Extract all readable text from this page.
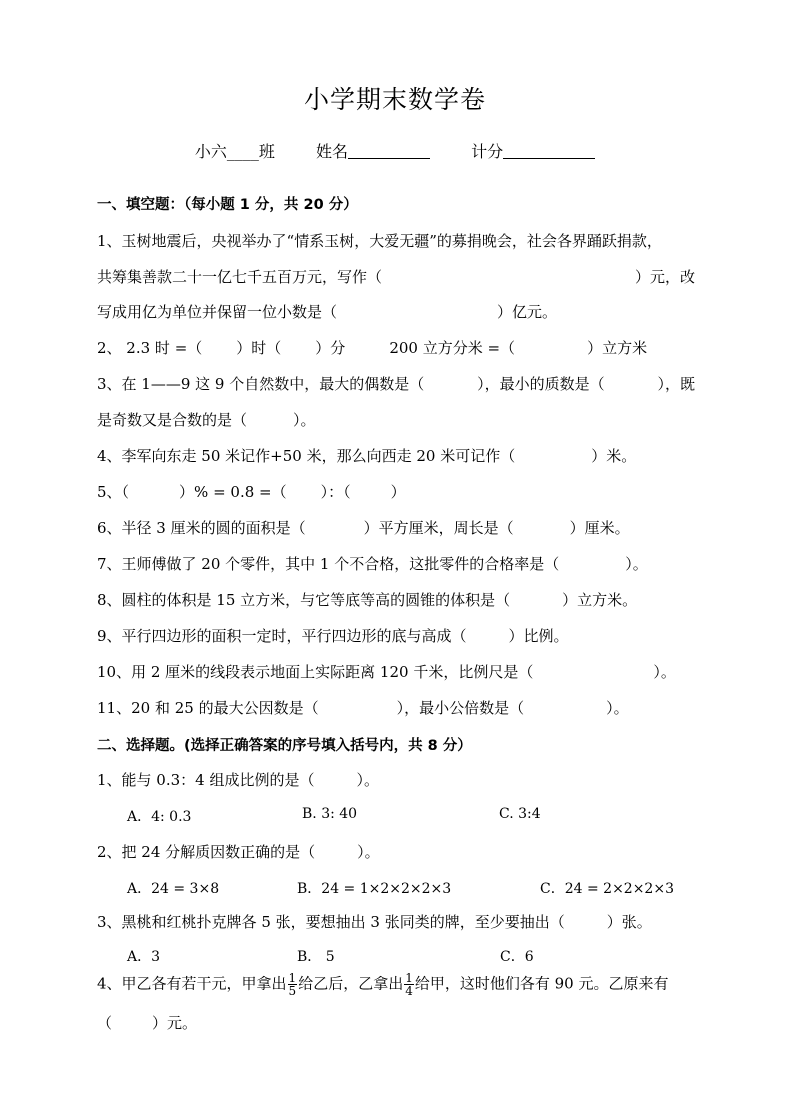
小学期末数学卷
小六____班	姓名	计分
一、填空题：（每小题 1 分，共 20 分）
1、玉树地震后，央视举办了“情系玉树，大爱无疆”的募捐晚会，社会各界踊跃捐款，
共筹集善款二十一亿七千五百万元，写作（	）元，改
写成用亿为单位并保留一位小数是（	）亿元。
2、 2.3 时 =（ ）时（ ）分	200 立方分米 =（	）立方米
3、在 1——9 这 9 个自然数中，最大的偶数是（	），最小的质数是（	），既
是奇数又是合数的是（	）。
4、李军向东走 50 米记作+50 米，那么向西走 20 米可记作（	）米。
5、（	）% = 0.8 =（ ）：（	）
6、半径 3 厘米的圆的面积是（	）平方厘米，周长是（	）厘米。
7、王师傅做了 20 个零件，其中 1 个不合格，这批零件的合格率是（	）。
8、圆柱的体积是 15 立方米，与它等底等高的圆锥的体积是（	）立方米。
9、平行四边形的面积一定时，平行四边形的底与高成（	）比例。
10、用 2 厘米的线段表示地面上实际距离 120 千米，比例尺是（	）。
11、20 和 25 的最大公因数是（	），最小公倍数是（	）。
二、选择题。(选择正确答案的序号填入括号内，共 8 分）
1、能与 0.3：4 组成比例的是（	）。
A．4: 0.3	B. 3: 40	C. 3:4
2、把 24 分解质因数正确的是（	）。
A．24 = 3×8	B．24 = 1×2×2×2×3	C．24 = 2×2×2×3
3、黑桃和红桃扑克牌各 5 张，要想抽出 3 张同类的牌，至少要抽出（	）张。
A．3	B． 5	C．6
4、甲乙各有若干元，甲拿出 $\frac{1}{5}$ 给乙后，乙拿出 $\frac{1}{4}$ 给甲，这时他们各有 90 元。乙原来有
（	）元。
